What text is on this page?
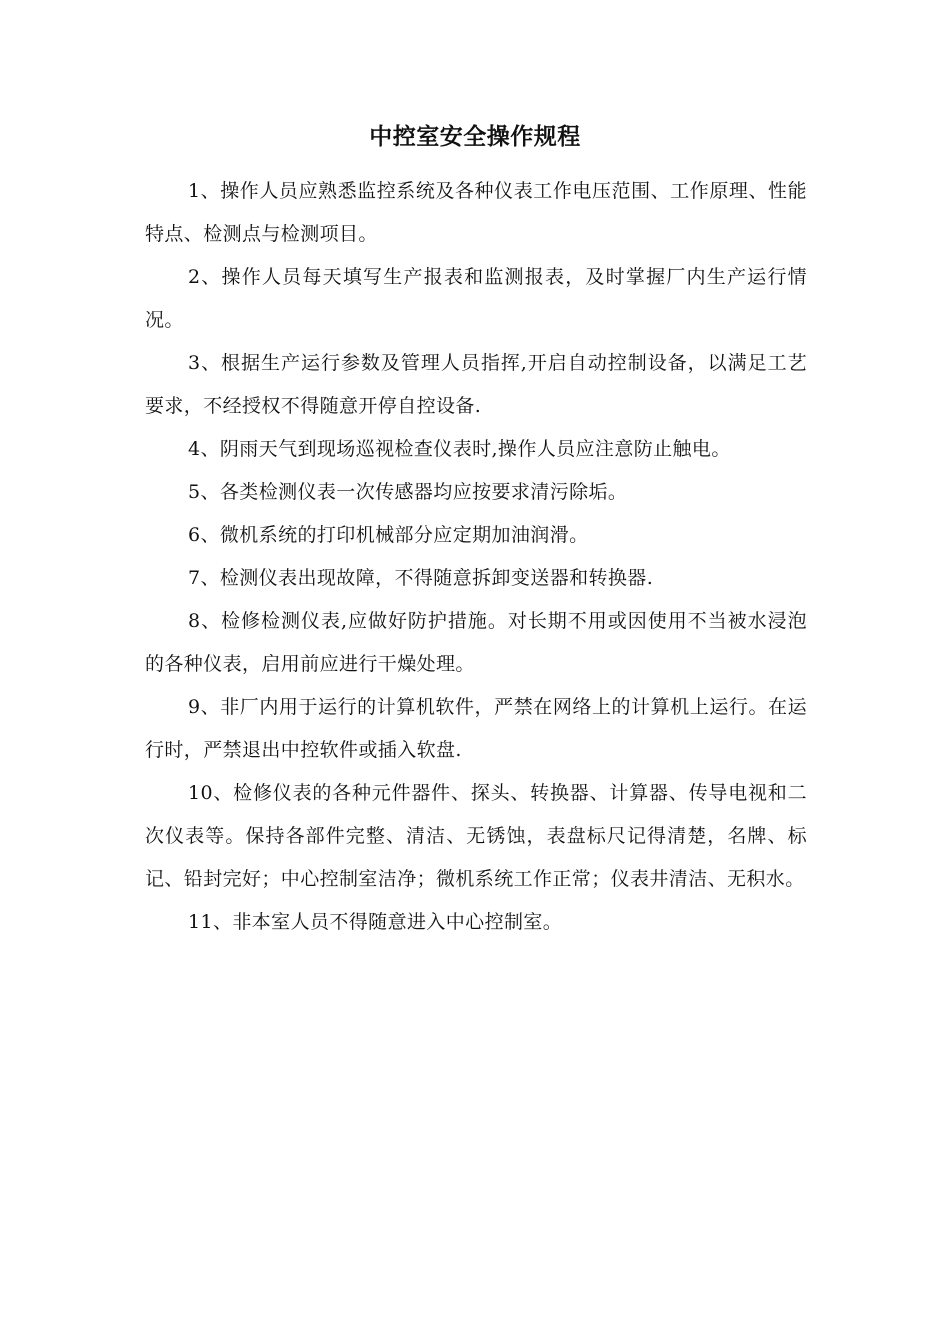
中控室安全操作规程

1、操作人员应熟悉监控系统及各种仪表工作电压范围、工作原理、性能特点、检测点与检测项目。

2、操作人员每天填写生产报表和监测报表，及时掌握厂内生产运行情况。

3、根据生产运行参数及管理人员指挥,开启自动控制设备，以满足工艺要求，不经授权不得随意开停自控设备.

4、阴雨天气到现场巡视检查仪表时,操作人员应注意防止触电。

5、各类检测仪表一次传感器均应按要求清污除垢。

6、微机系统的打印机械部分应定期加油润滑。

7、检测仪表出现故障，不得随意拆卸变送器和转换器.

8、检修检测仪表,应做好防护措施。对长期不用或因使用不当被水浸泡的各种仪表，启用前应进行干燥处理。

9、非厂内用于运行的计算机软件，严禁在网络上的计算机上运行。在运行时，严禁退出中控软件或插入软盘.

10、检修仪表的各种元件器件、探头、转换器、计算器、传导电视和二次仪表等。保持各部件完整、清洁、无锈蚀，表盘标尺记得清楚，名牌、标记、铅封完好；中心控制室洁净；微机系统工作正常；仪表井清洁、无积水。

11、非本室人员不得随意进入中心控制室。
